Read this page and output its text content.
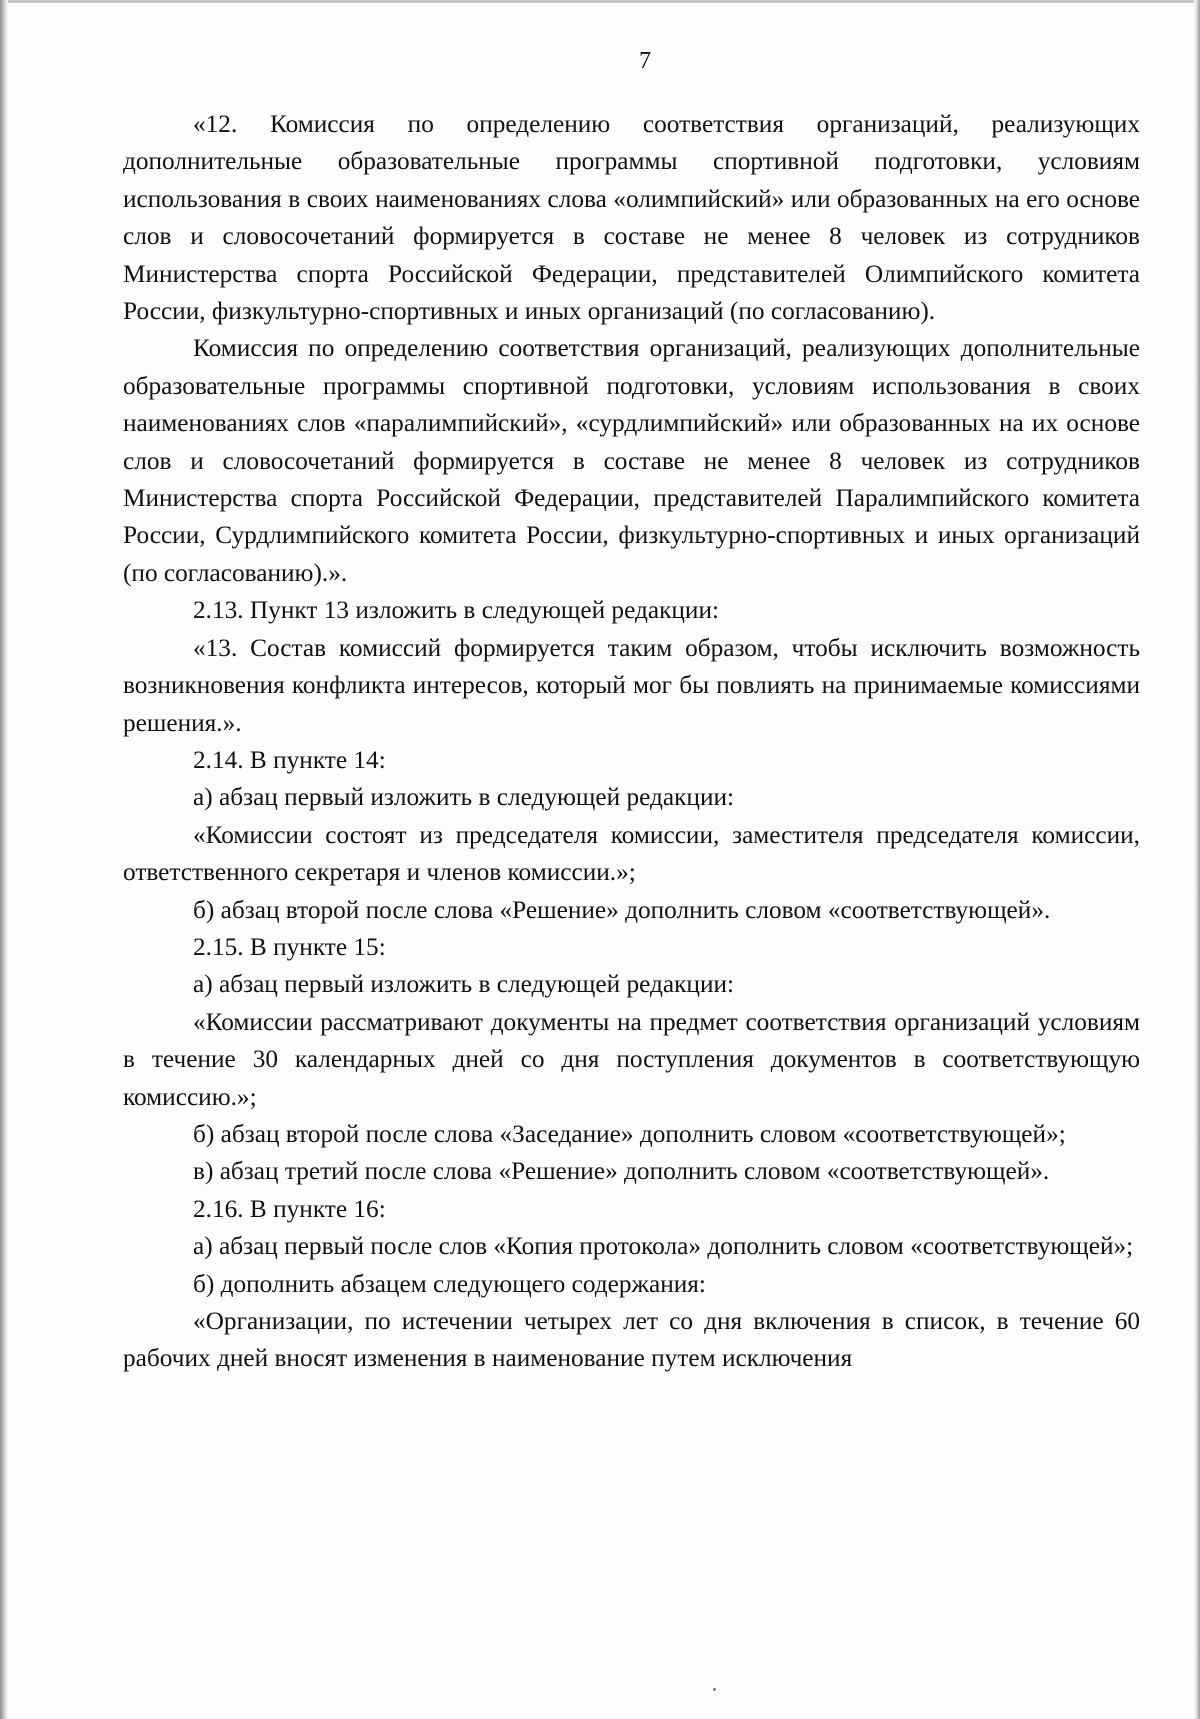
7

«12. Комиссия по определению соответствия организаций, реализующих дополнительные образовательные программы спортивной подготовки, условиям использования в своих наименованиях слова «олимпийский» или образованных на его основе слов и словосочетаний формируется в составе не менее 8 человек из сотрудников Министерства спорта Российской Федерации, представителей Олимпийского комитета России, физкультурно-спортивных и иных организаций (по согласованию).

Комиссия по определению соответствия организаций, реализующих дополнительные образовательные программы спортивной подготовки, условиям использования в своих наименованиях слов «паралимпийский», «сурдлимпийский» или образованных на их основе слов и словосочетаний формируется в составе не менее 8 человек из сотрудников Министерства спорта Российской Федерации, представителей Паралимпийского комитета России, Сурдлимпийского комитета России, физкультурно-спортивных и иных организаций (по согласованию).».

2.13. Пункт 13 изложить в следующей редакции:

«13. Состав комиссий формируется таким образом, чтобы исключить возможность возникновения конфликта интересов, который мог бы повлиять на принимаемые комиссиями решения.».

2.14. В пункте 14:

а) абзац первый изложить в следующей редакции:

«Комиссии состоят из председателя комиссии, заместителя председателя комиссии, ответственного секретаря и членов комиссии.»;

б) абзац второй после слова «Решение» дополнить словом «соответствующей».

2.15. В пункте 15:

а) абзац первый изложить в следующей редакции:

«Комиссии рассматривают документы на предмет соответствия организаций условиям в течение 30 календарных дней со дня поступления документов в соответствующую комиссию.»;

б) абзац второй после слова «Заседание» дополнить словом «соответствующей»;

в) абзац третий после слова «Решение» дополнить словом «соответствующей».

2.16. В пункте 16:

а) абзац первый после слов «Копия протокола» дополнить словом «соответствующей»;

б) дополнить абзацем следующего содержания:

«Организации, по истечении четырех лет со дня включения в список, в течение 60 рабочих дней вносят изменения в наименование путем исключения
